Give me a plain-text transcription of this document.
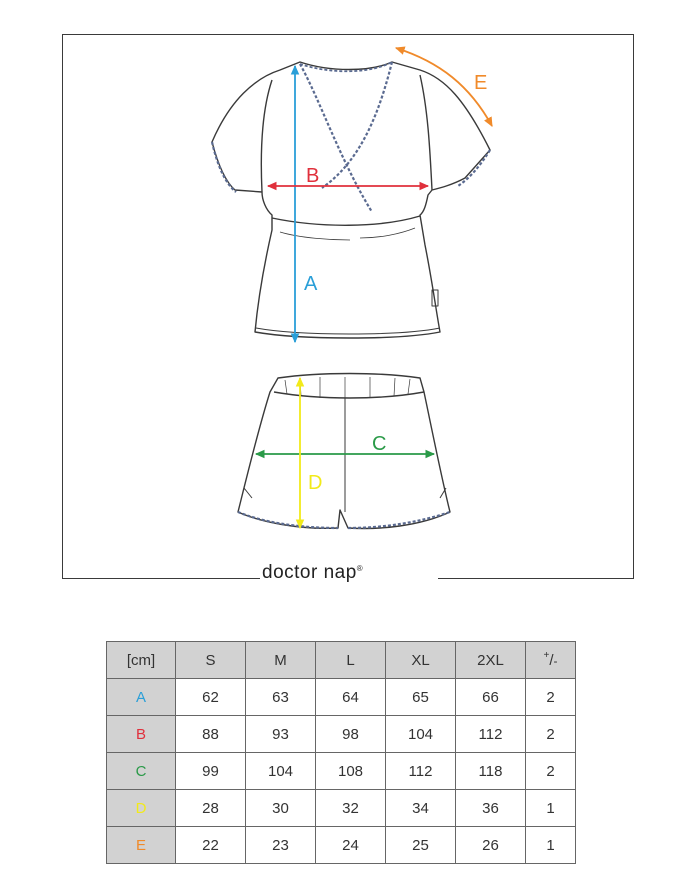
doctor nap®
A
B
C
D
E
[cm]	S	M	L	XL	2XL	+/-
A	62	63	64	65	66	2
B	88	93	98	104	112	2
C	99	104	108	112	118	2
D	28	30	32	34	36	1
E	22	23	24	25	26	1
